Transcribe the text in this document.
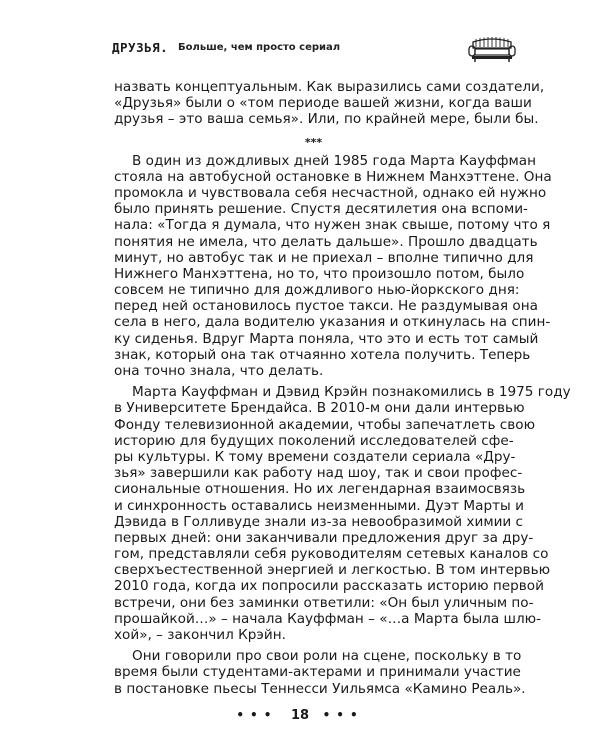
ДРУЗЬЯ. Больше, чем просто сериал
назвать концептуальным. Как выразились сами создатели,
«Друзья» были о «том периоде вашей жизни, когда ваши
друзья – это ваша семья». Или, по крайней мере, были бы.
***
В один из дождливых дней 1985 года Марта Кауффман
стояла на автобусной остановке в Нижнем Манхэттене. Она
промокла и чувствовала себя несчастной, однако ей нужно
было принять решение. Спустя десятилетия она вспоми-
нала: «Тогда я думала, что нужен знак свыше, потому что я
понятия не имела, что делать дальше». Прошло двадцать
минут, но автобус так и не приехал – вполне типично для
Нижнего Манхэттена, но то, что произошло потом, было
совсем не типично для дождливого нью-йоркского дня:
перед ней остановилось пустое такси. Не раздумывая она
села в него, дала водителю указания и откинулась на спин-
ку сиденья. Вдруг Марта поняла, что это и есть тот самый
знак, который она так отчаянно хотела получить. Теперь
она точно знала, что делать.
Марта Кауффман и Дэвид Крэйн познакомились в 1975 году
в Университете Брендайса. В 2010-м они дали интервью
Фонду телевизионной академии, чтобы запечатлеть свою
историю для будущих поколений исследователей сфе-
ры культуры. К тому времени создатели сериала «Дру-
зья» завершили как работу над шоу, так и свои профес-
сиональные отношения. Но их легендарная взаимосвязь
и синхронность оставались неизменными. Дуэт Марты и
Дэвида в Голливуде знали из-за невообразимой химии с
первых дней: они заканчивали предложения друг за дру-
гом, представляли себя руководителям сетевых каналов со
сверхъестественной энергией и легкостью. В том интервью
2010 года, когда их попросили рассказать историю первой
встречи, они без заминки ответили: «Он был уличным по-
прошайкой…» – начала Кауффман – «…а Марта была шлю-
хой», – закончил Крэйн.
Они говорили про свои роли на сцене, поскольку в то
время были студентами-актерами и принимали участие
в постановке пьесы Теннесси Уильямса «Камино Реаль».
••• 18 •••
